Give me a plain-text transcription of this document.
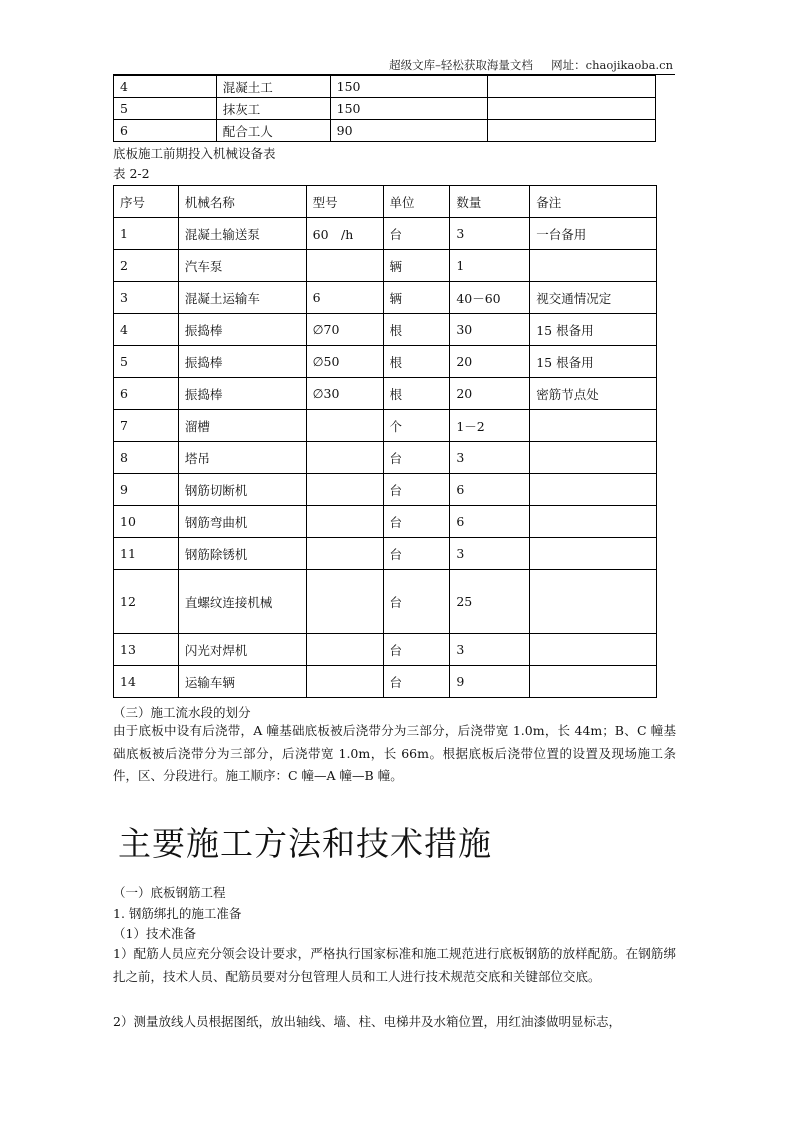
超级文库–轻松获取海量文档 网址：chaojikaoba.cn
4	混凝土工	150	
5	抹灰工	150	
6	配合工人	90	
底板施工前期投入机械设备表
表 2-2
序号	机械名称	型号	单位	数量	备注
1	混凝土输送泵	60　/h	台	3	一台备用
2	汽车泵		辆	1	
3	混凝土运输车	6	辆	40－60	视交通情况定
4	振捣棒	∅70	根	30	15 根备用
5	振捣棒	∅50	根	20	15 根备用
6	振捣棒	∅30	根	20	密筋节点处
7	溜槽		个	1－2	
8	塔吊		台	3	
9	钢筋切断机		台	6	
10	钢筋弯曲机		台	6	
11	钢筋除锈机		台	3	
12	直螺纹连接机械		台	25	
13	闪光对焊机		台	3	
14	运输车辆		台	9	
（三）施工流水段的划分
由于底板中设有后浇带，A 幢基础底板被后浇带分为三部分，后浇带宽 1.0m，长 44m；B、C 幢基础底板被后浇带分为三部分，后浇带宽 1.0m，长 66m。根据底板后浇带位置的设置及现场施工条件，区、分段进行。施工顺序：C 幢—A 幢—B 幢。
主要施工方法和技术措施
（一）底板钢筋工程
1. 钢筋绑扎的施工准备
（1）技术准备
1）配筋人员应充分领会设计要求，严格执行国家标准和施工规范进行底板钢筋的放样配筋。在钢筋绑扎之前，技术人员、配筋员要对分包管理人员和工人进行技术规范交底和关键部位交底。
2）测量放线人员根据图纸，放出轴线、墙、柱、电梯井及水箱位置，用红油漆做明显标志，
